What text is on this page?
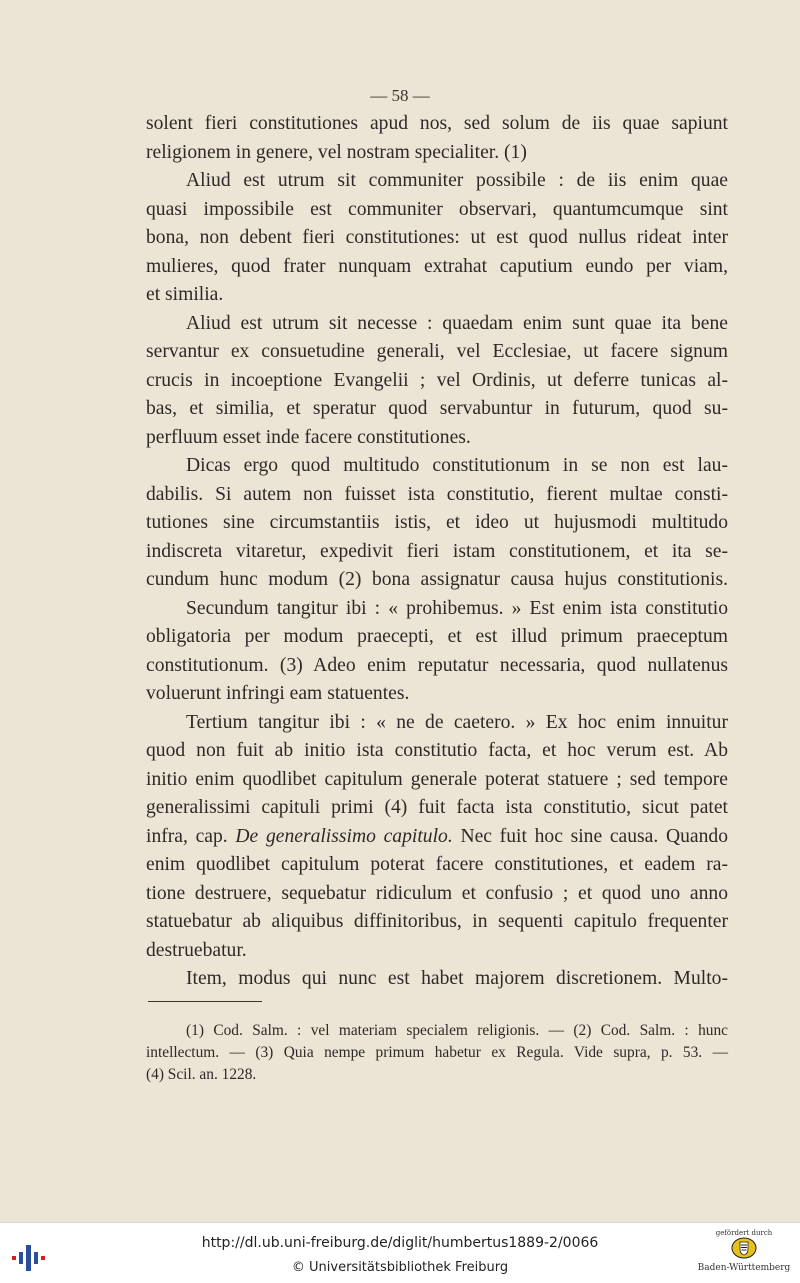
— 58 —
solent fieri constitutiones apud nos, sed solum de iis quae sapiunt
religionem in genere, vel nostram specialiter. (1)
Aliud est utrum sit communiter possibile : de iis enim quae
quasi impossibile est communiter observari, quantumcumque sint
bona, non debent fieri constitutiones: ut est quod nullus rideat inter
mulieres, quod frater nunquam extrahat caputium eundo per viam,
et similia.
Aliud est utrum sit necesse : quaedam enim sunt quae ita bene
servantur ex consuetudine generali, vel Ecclesiae, ut facere signum
crucis in incoeptione Evangelii ; vel Ordinis, ut deferre tunicas al-
bas, et similia, et speratur quod servabuntur in futurum, quod su-
perfluum esset inde facere constitutiones.
Dicas ergo quod multitudo constitutionum in se non est lau-
dabilis. Si autem non fuisset ista constitutio, fierent multae consti-
tutiones sine circumstantiis istis, et ideo ut hujusmodi multitudo
indiscreta vitaretur, expedivit fieri istam constitutionem, et ita se-
cundum hunc modum (2) bona assignatur causa hujus constitutionis.
Secundum tangitur ibi : « prohibemus. » Est enim ista constitutio
obligatoria per modum praecepti, et est illud primum praeceptum
constitutionum. (3) Adeo enim reputatur necessaria, quod nullatenus
voluerunt infringi eam statuentes.
Tertium tangitur ibi : « ne de caetero. » Ex hoc enim innuitur
quod non fuit ab initio ista constitutio facta, et hoc verum est. Ab
initio enim quodlibet capitulum generale poterat statuere ; sed tempore
generalissimi capituli primi (4) fuit facta ista constitutio, sicut patet
infra, cap. De generalissimo capitulo. Nec fuit hoc sine causa. Quando
enim quodlibet capitulum poterat facere constitutiones, et eadem ra-
tione destruere, sequebatur ridiculum et confusio ; et quod uno anno
statuebatur ab aliquibus diffinitoribus, in sequenti capitulo frequenter
destruebatur.
Item, modus qui nunc est habet majorem discretionem. Multo-
(1) Cod. Salm. : vel materiam specialem religionis. — (2) Cod. Salm. : hunc
intellectum. — (3) Quia nempe primum habetur ex Regula. Vide supra, p. 53. —
(4) Scil. an. 1228.
http://dl.ub.uni-freiburg.de/diglit/humbertus1889-2/0066
© Universitätsbibliothek Freiburg
gefördert durch
Baden-Württemberg
